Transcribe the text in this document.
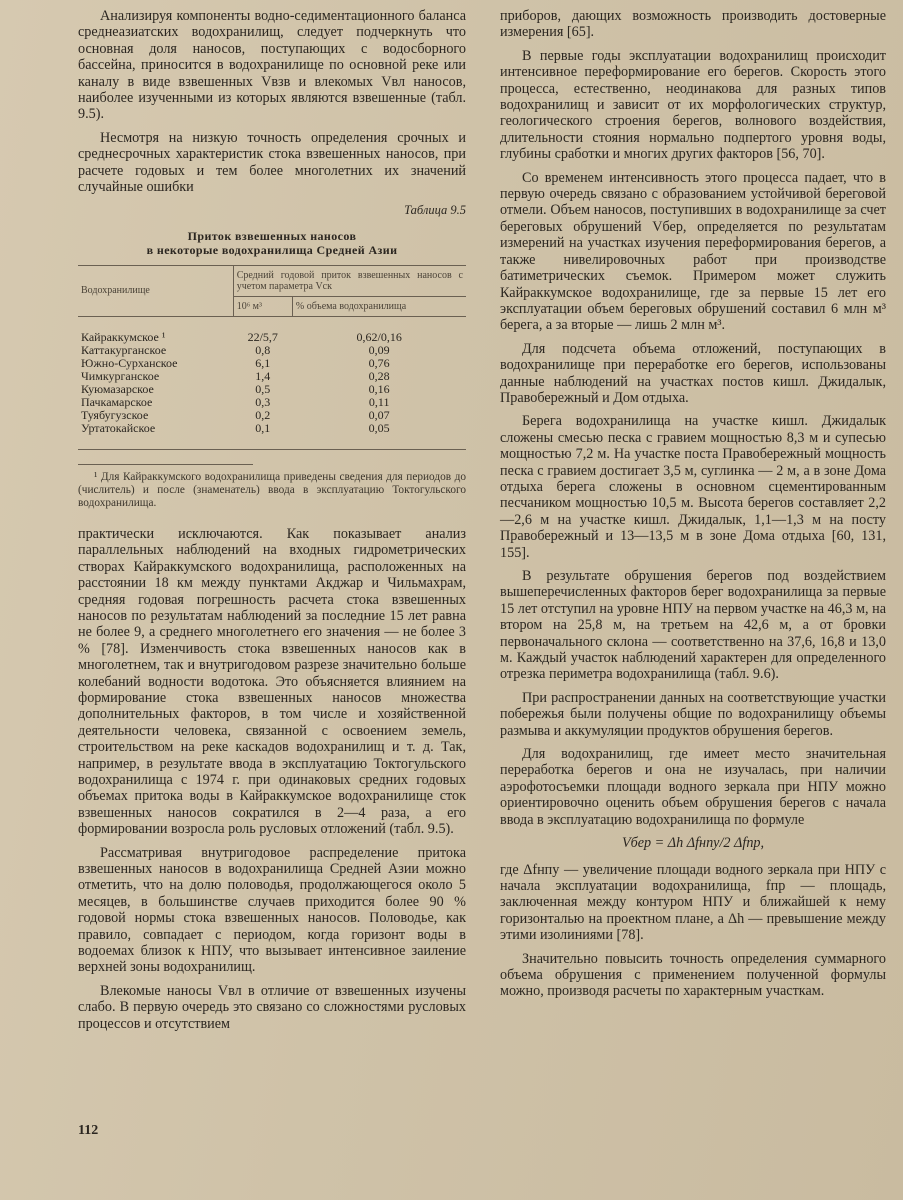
Анализируя компоненты водно-седиментационного баланса среднеазиатских водохранилищ, следует подчеркнуть что основная доля наносов, поступающих с водосборного бассейна, приносится в водохранилище по основной реке или каналу в виде взвешенных Vвзв и влекомых Vвл наносов, наиболее изученными из которых являются взвешенные (табл. 9.5).

Несмотря на низкую точность определения срочных и среднесрочных характеристик стока взвешенных наносов, при расчете годовых и тем более многолетних их значений случайные ошибки

Таблица 9.5
Приток взвешенных наносов
в некоторые водохранилища Средней Азии
Водохранилище	Средний годовой приток взвешенных наносов с учетом параметра Vск	
	10⁶ м³	% объема водохранилища
Кайраккумское ¹	22/5,7	0,62/0,16
Каттакурганское	0,8	0,09
Южно-Сурханское	6,1	0,76
Чимкурганское	1,4	0,28
Куюмазарское	0,5	0,16
Пачкамарское	0,3	0,11
Туябугузское	0,2	0,07
Уртатокайское	0,1	0,05

¹ Для Кайраккумского водохранилища приведены сведения для периодов до (числитель) и после (знаменатель) ввода в эксплуатацию Токтогульского водохранилища.

практически исключаются. Как показывает анализ параллельных наблюдений на входных гидрометрических створах Кайраккумского водохранилища, расположенных на расстоянии 18 км между пунктами Акджар и Чильмахрам, средняя годовая погрешность расчета стока взвешенных наносов по результатам наблюдений за последние 15 лет равна не более 9, а среднего многолетнего его значения — не более 3 % [78]. Изменчивость стока взвешенных наносов как в многолетнем, так и внутригодовом разрезе значительно больше колебаний водности водотока. Это объясняется влиянием на формирование стока взвешенных наносов множества дополнительных факторов, в том числе и хозяйственной деятельности человека, связанной с освоением земель, строительством на реке каскадов водохранилищ и т. д. Так, например, в результате ввода в эксплуатацию Токтогульского водохранилища с 1974 г. при одинаковых средних годовых объемах притока воды в Кайраккумское водохранилище сток взвешенных наносов сократился в 2—4 раза, а его формировании возросла роль русловых отложений (табл. 9.5).

Рассматривая внутригодовое распределение притока взвешенных наносов в водохранилища Средней Азии можно отметить, что на долю половодья, продолжающегося около 5 месяцев, в большинстве случаев приходится более 90 % годовой нормы стока взвешенных наносов. Половодье, как правило, совпадает с периодом, когда горизонт воды в водоемах близок к НПУ, что вызывает интенсивное заиление верхней зоны водохранилищ.

Влекомые наносы Vвл в отличие от взвешенных изучены слабо. В первую очередь это связано со сложностями русловых процессов и отсутствием

приборов, дающих возможность производить достоверные измерения [65].

В первые годы эксплуатации водохранилищ происходит интенсивное переформирование его берегов. Скорость этого процесса, естественно, неодинакова для разных типов водохранилищ и зависит от их морфологических структур, геологического строения берегов, волнового воздействия, длительности стояния нормально подпертого уровня воды, глубины сработки и многих других факторов [56, 70].

Со временем интенсивность этого процесса падает, что в первую очередь связано с образованием устойчивой береговой отмели. Объем наносов, поступивших в водохранилище за счет береговых обрушений Vбер, определяется по результатам измерений на участках изучения переформирования берегов, а также нивелировочных работ при производстве батиметрических съемок. Примером может служить Кайраккумское водохранилище, где за первые 15 лет его эксплуатации объем береговых обрушений составил 6 млн м³ берега, а за вторые — лишь 2 млн м³.

Для подсчета объема отложений, поступающих в водохранилище при переработке его берегов, использованы данные наблюдений на участках постов кишл. Джидалык, Правобережный и Дом отдыха.

Берега водохранилища на участке кишл. Джидалык сложены смесью песка с гравием мощностью 8,3 м и супесью мощностью 7,2 м. На участке поста Правобережный мощность песка с гравием достигает 3,5 м, суглинка — 2 м, а в зоне Дома отдыха берега сложены в основном сцементированным песчаником мощностью 10,5 м. Высота берегов составляет 2,2—2,6 м на участке кишл. Джидалык, 1,1—1,3 м на посту Правобережный и 13—13,5 м в зоне Дома отдыха [60, 131, 155].

В результате обрушения берегов под воздействием вышеперечисленных факторов берег водохранилища за первые 15 лет отступил на уровне НПУ на первом участке на 46,3 м, на втором на 25,8 м, на третьем на 42,6 м, а от бровки первоначального склона — соответственно на 37,6, 16,8 и 13,0 м. Каждый участок наблюдений характерен для определенного отрезка периметра водохранилища (табл. 9.6).

При распространении данных на соответствующие участки побережья были получены общие по водохранилищу объемы размыва и аккумуляции продуктов обрушения берегов.

Для водохранилищ, где имеет место значительная переработка берегов и она не изучалась, при наличии аэрофотосъемки площади водного зеркала при НПУ можно ориентировочно оценить объем обрушения берегов с начала ввода в эксплуатацию водохранилища по формуле

Vбер = Δh Δfнпу/2 Δfпр,

где Δfнпу — увеличение площади водного зеркала при НПУ с начала эксплуатации водохранилища, fпр — площадь, заключенная между контуром НПУ и ближайшей к нему горизонталью на проектном плане, а Δh — превышение между этими изолиниями [78].

Значительно повысить точность определения суммарного объема обрушения с применением полученной формулы можно, производя расчеты по характерным участкам.

112
